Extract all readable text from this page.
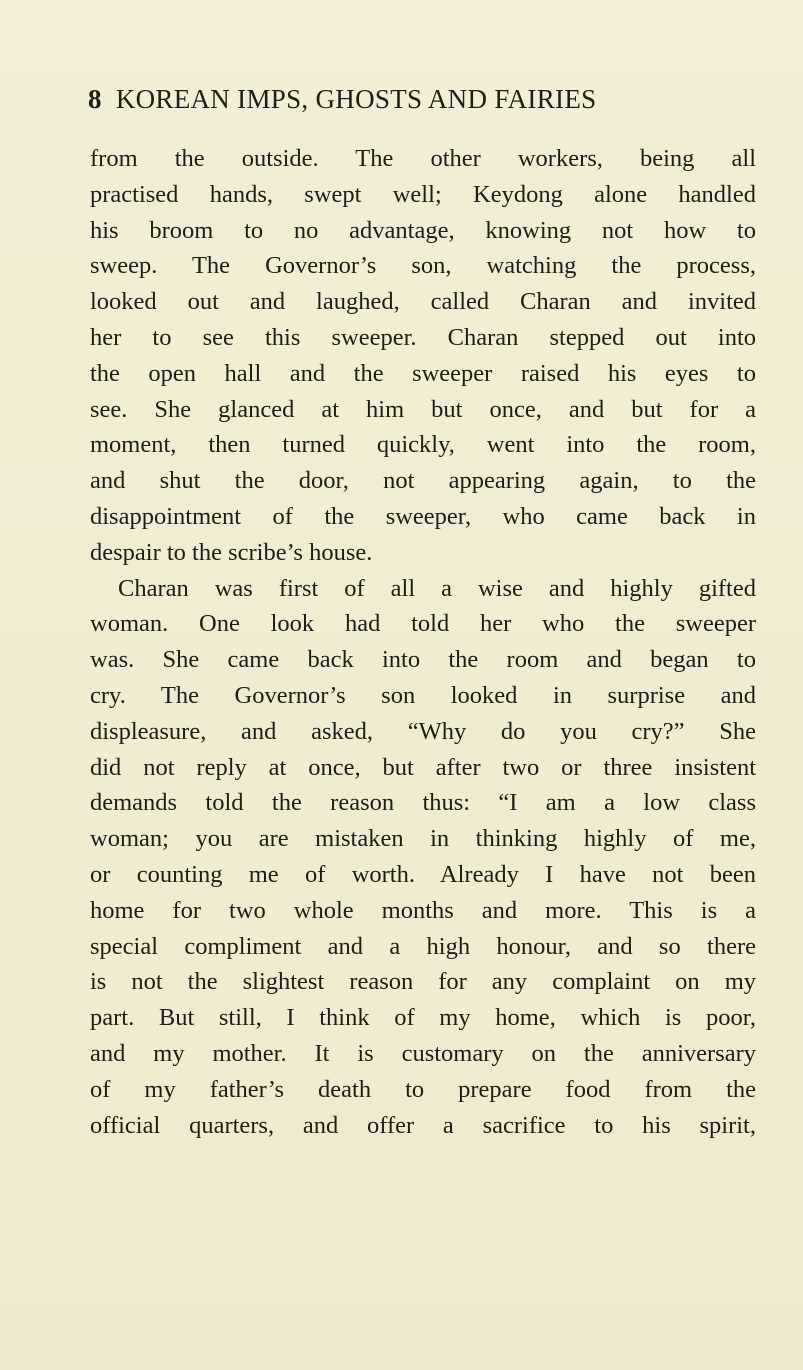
8 KOREAN IMPS, GHOSTS AND FAIRIES
from the outside. The other workers, being all
practised hands, swept well; Keydong alone handled
his broom to no advantage, knowing not how to
sweep. The Governor’s son, watching the process,
looked out and laughed, called Charan and invited
her to see this sweeper. Charan stepped out into
the open hall and the sweeper raised his eyes to
see. She glanced at him but once, and but for a
moment, then turned quickly, went into the room,
and shut the door, not appearing again, to the
disappointment of the sweeper, who came back in
despair to the scribe’s house.
Charan was first of all a wise and highly gifted
woman. One look had told her who the sweeper
was. She came back into the room and began to
cry. The Governor’s son looked in surprise and
displeasure, and asked, “Why do you cry?” She
did not reply at once, but after two or three insistent
demands told the reason thus: “I am a low class
woman; you are mistaken in thinking highly of me,
or counting me of worth. Already I have not been
home for two whole months and more. This is a
special compliment and a high honour, and so there
is not the slightest reason for any complaint on my
part. But still, I think of my home, which is poor,
and my mother. It is customary on the anniversary
of my father’s death to prepare food from the
official quarters, and offer a sacrifice to his spirit,
